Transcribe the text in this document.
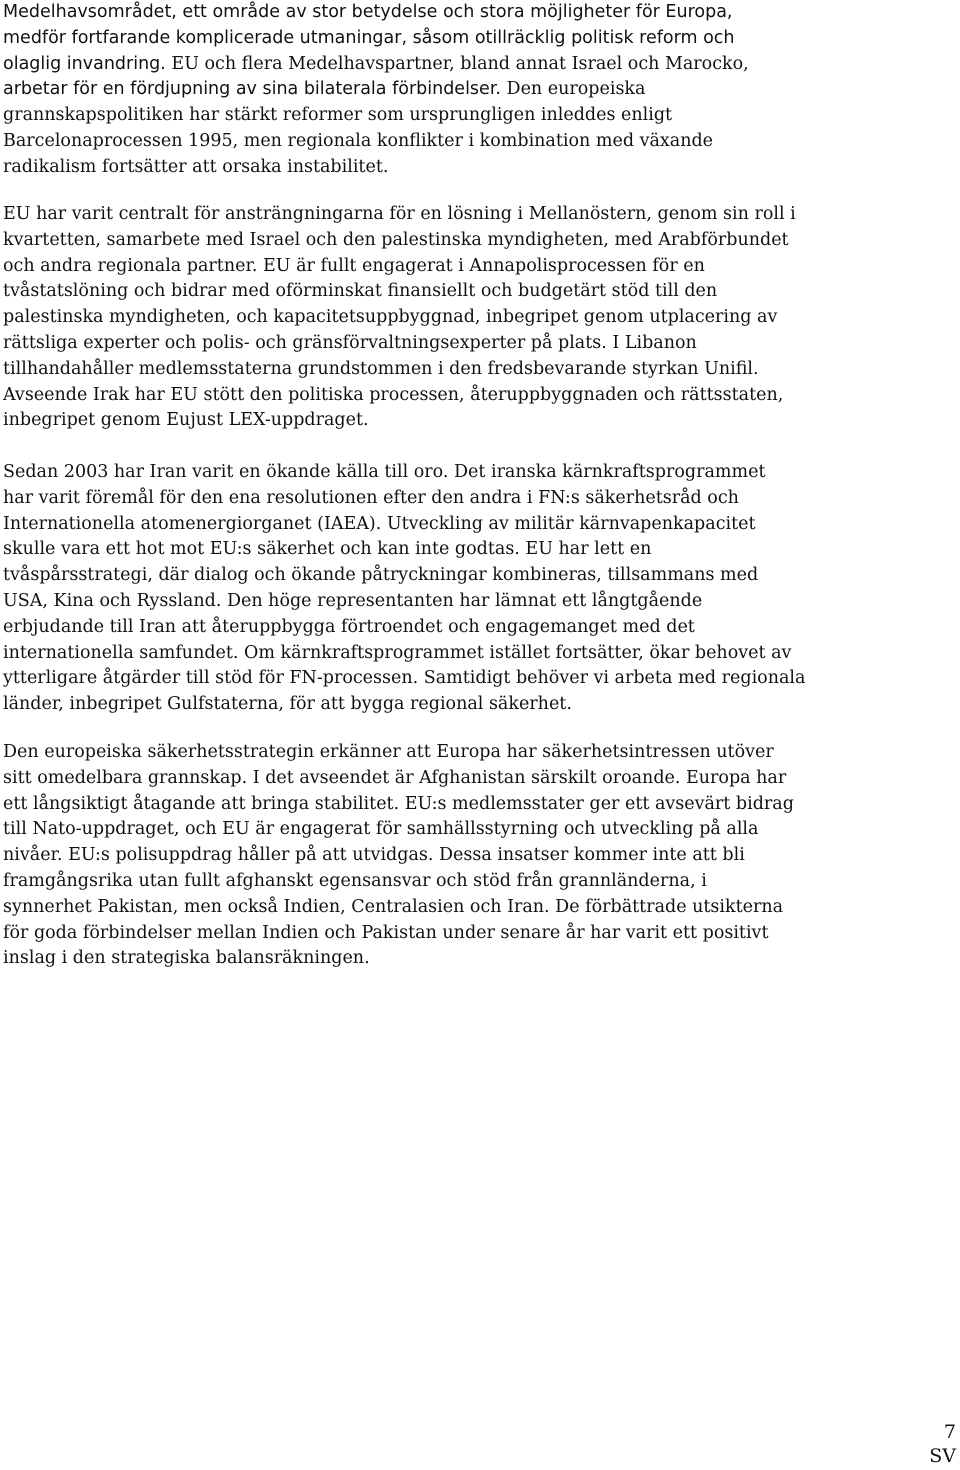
Medelhavsområdet, ett område av stor betydelse och stora möjligheter för Europa,
medför fortfarande komplicerade utmaningar, såsom otillräcklig politisk reform och
olaglig invandring. EU och flera Medelhavspartner, bland annat Israel och Marocko,
arbetar för en fördjupning av sina bilaterala förbindelser. Den europeiska
grannskapspolitiken har stärkt reformer som ursprungligen inleddes enligt
Barcelonaprocessen 1995, men regionala konflikter i kombination med växande
radikalism fortsätter att orsaka instabilitet.

EU har varit centralt för ansträngningarna för en lösning i Mellanöstern, genom sin roll i
kvartetten, samarbete med Israel och den palestinska myndigheten, med Arabförbundet
och andra regionala partner. EU är fullt engagerat i Annapolisprocessen för en
tvåstatslöning och bidrar med oförminskat finansiellt och budgetärt stöd till den
palestinska myndigheten, och kapacitetsuppbyggnad, inbegripet genom utplacering av
rättsliga experter och polis- och gränsförvaltningsexperter på plats. I Libanon
tillhandahåller medlemsstaterna grundstommen i den fredsbevarande styrkan Unifil.
Avseende Irak har EU stött den politiska processen, återuppbyggnaden och rättsstaten,
inbegripet genom Eujust LEX-uppdraget.

Sedan 2003 har Iran varit en ökande källa till oro. Det iranska kärnkraftsprogrammet
har varit föremål för den ena resolutionen efter den andra i FN:s säkerhetsråd och
Internationella atomenergiorganet (IAEA). Utveckling av militär kärnvapenkapacitet
skulle vara ett hot mot EU:s säkerhet och kan inte godtas. EU har lett en
tvåspårsstrategi, där dialog och ökande påtryckningar kombineras, tillsammans med
USA, Kina och Ryssland. Den höge representanten har lämnat ett långtgående
erbjudande till Iran att återuppbygga förtroendet och engagemanget med det
internationella samfundet. Om kärnkraftsprogrammet istället fortsätter, ökar behovet av
ytterligare åtgärder till stöd för FN-processen. Samtidigt behöver vi arbeta med regionala
länder, inbegripet Gulfstaterna, för att bygga regional säkerhet.

Den europeiska säkerhetsstrategin erkänner att Europa har säkerhetsintressen utöver
sitt omedelbara grannskap. I det avseendet är Afghanistan särskilt oroande. Europa har
ett långsiktigt åtagande att bringa stabilitet. EU:s medlemsstater ger ett avsevärt bidrag
till Nato-uppdraget, och EU är engagerat för samhällsstyrning och utveckling på alla
nivåer. EU:s polisuppdrag håller på att utvidgas. Dessa insatser kommer inte att bli
framgångsrika utan fullt afghanskt egensansvar och stöd från grannländerna, i
synnerhet Pakistan, men också Indien, Centralasien och Iran. De förbättrade utsikterna
för goda förbindelser mellan Indien och Pakistan under senare år har varit ett positivt
inslag i den strategiska balansräkningen.

7
SV
